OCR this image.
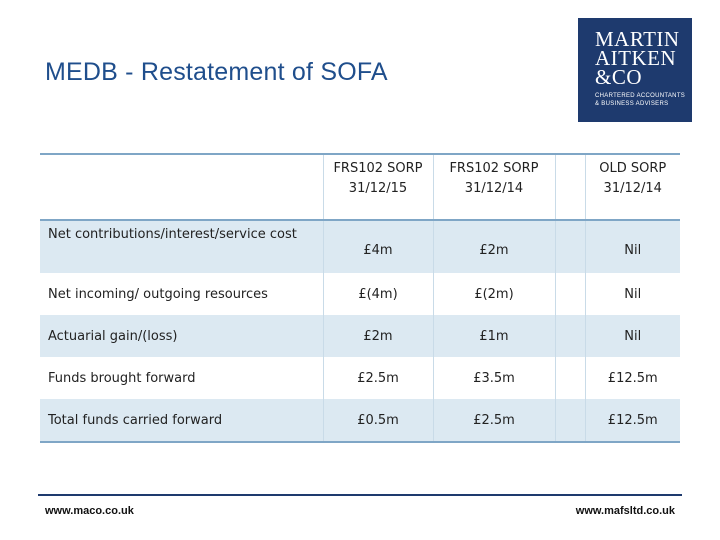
MEDB - Restatement of SOFA
MARTIN
AITKEN
&CO
CHARTERED ACCOUNTANTS
& BUSINESS ADVISERS
	FRS102 SORP 31/12/15	FRS102 SORP 31/12/14		OLD SORP 31/12/14
Net contributions/interest/service cost	£4m	£2m		Nil
Net incoming/ outgoing resources	£(4m)	£(2m)		Nil
Actuarial gain/(loss)	£2m	£1m		Nil
Funds brought forward	£2.5m	£3.5m		£12.5m
Total funds carried forward	£0.5m	£2.5m		£12.5m
www.maco.co.uk	www.mafsltd.co.uk
